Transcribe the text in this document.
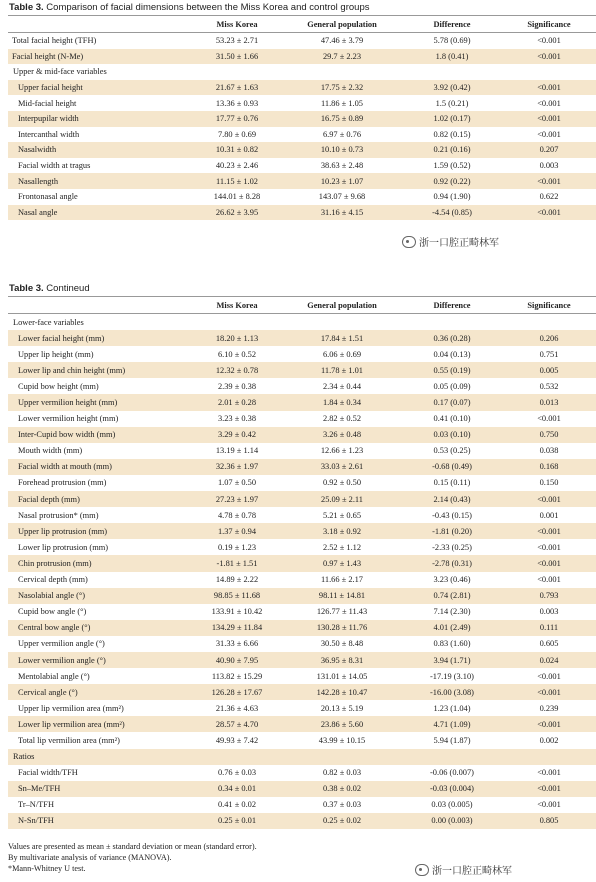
Table 3. Comparison of facial dimensions between the Miss Korea and control groups
	Miss Korea	General population	Difference	Significance
Total facial height (TFH)	53.23 ± 2.71	47.46 ± 3.79	5.78 (0.69)	<0.001
Facial height (N-Me)	31.50 ± 1.66	29.7 ± 2.23	1.8 (0.41)	<0.001
Upper & mid-face variables				
Upper facial height	21.67 ± 1.63	17.75 ± 2.32	3.92 (0.42)	<0.001
Mid-facial height	13.36 ± 0.93	11.86 ± 1.05	1.5 (0.21)	<0.001
Interpupilar width	17.77 ± 0.76	16.75 ± 0.89	1.02 (0.17)	<0.001
Intercanthal width	7.80 ± 0.69	6.97 ± 0.76	0.82 (0.15)	<0.001
Nasalwidth	10.31 ± 0.82	10.10 ± 0.73	0.21 (0.16)	0.207
Facial width at tragus	40.23 ± 2.46	38.63 ± 2.48	1.59 (0.52)	0.003
Nasallength	11.15 ± 1.02	10.23 ± 1.07	0.92 (0.22)	<0.001
Frontonasal angle	144.01 ± 8.28	143.07 ± 9.68	0.94 (1.90)	0.622
Nasal angle	26.62 ± 3.95	31.16 ± 4.15	-4.54 (0.85)	<0.001
浙一口腔正畸林军
Table 3. Contineud
	Miss Korea	General population	Difference	Significance
Lower-face variables				
Lower facial height (mm)	18.20 ± 1.13	17.84 ± 1.51	0.36 (0.28)	0.206
Upper lip height (mm)	6.10 ± 0.52	6.06 ± 0.69	0.04 (0.13)	0.751
Lower lip and chin height (mm)	12.32 ± 0.78	11.78 ± 1.01	0.55 (0.19)	0.005
Cupid bow height (mm)	2.39 ± 0.38	2.34 ± 0.44	0.05 (0.09)	0.532
Upper vermilion height (mm)	2.01 ± 0.28	1.84 ± 0.34	0.17 (0.07)	0.013
Lower vermilion height (mm)	3.23 ± 0.38	2.82 ± 0.52	0.41 (0.10)	<0.001
Inter-Cupid bow width (mm)	3.29 ± 0.42	3.26 ± 0.48	0.03 (0.10)	0.750
Mouth width (mm)	13.19 ± 1.14	12.66 ± 1.23	0.53 (0.25)	0.038
Facial width at mouth (mm)	32.36 ± 1.97	33.03 ± 2.61	-0.68 (0.49)	0.168
Forehead protrusion (mm)	1.07 ± 0.50	0.92 ± 0.50	0.15 (0.11)	0.150
Facial depth (mm)	27.23 ± 1.97	25.09 ± 2.11	2.14 (0.43)	<0.001
Nasal protrusion* (mm)	4.78 ± 0.78	5.21 ± 0.65	-0.43 (0.15)	0.001
Upper lip protrusion (mm)	1.37 ± 0.94	3.18 ± 0.92	-1.81 (0.20)	<0.001
Lower lip protrusion (mm)	0.19 ± 1.23	2.52 ± 1.12	-2.33 (0.25)	<0.001
Chin protrusion (mm)	-1.81 ± 1.51	0.97 ± 1.43	-2.78 (0.31)	<0.001
Cervical depth (mm)	14.89 ± 2.22	11.66 ± 2.17	3.23 (0.46)	<0.001
Nasolabial angle (°)	98.85 ± 11.68	98.11 ± 14.81	0.74 (2.81)	0.793
Cupid bow angle (°)	133.91 ± 10.42	126.77 ± 11.43	7.14 (2.30)	0.003
Central bow angle (°)	134.29 ± 11.84	130.28 ± 11.76	4.01 (2.49)	0.111
Upper vermilion angle (°)	31.33 ± 6.66	30.50 ± 8.48	0.83 (1.60)	0.605
Lower vermilion angle (°)	40.90 ± 7.95	36.95 ± 8.31	3.94 (1.71)	0.024
Mentolabial angle (°)	113.82 ± 15.29	131.01 ± 14.05	-17.19 (3.10)	<0.001
Cervical angle (°)	126.28 ± 17.67	142.28 ± 10.47	-16.00 (3.08)	<0.001
Upper lip vermilion area (mm²)	21.36 ± 4.63	20.13 ± 5.19	1.23 (1.04)	0.239
Lower lip vermilion area (mm²)	28.57 ± 4.70	23.86 ± 5.60	4.71 (1.09)	<0.001
Total lip vermilion area (mm²)	49.93 ± 7.42	43.99 ± 10.15	5.94 (1.87)	0.002
Ratios				
Facial width/TFH	0.76 ± 0.03	0.82 ± 0.03	-0.06 (0.007)	<0.001
Sn–Me/TFH	0.34 ± 0.01	0.38 ± 0.02	-0.03 (0.004)	<0.001
Tr–N/TFH	0.41 ± 0.02	0.37 ± 0.03	0.03 (0.005)	<0.001
N-Sn/TFH	0.25 ± 0.01	0.25 ± 0.02	0.00 (0.003)	0.805
Values are presented as mean ± standard deviation or mean (standard error).
By multivariate analysis of variance (MANOVA).
*Mann-Whitney U test.	浙一口腔正畸林军
